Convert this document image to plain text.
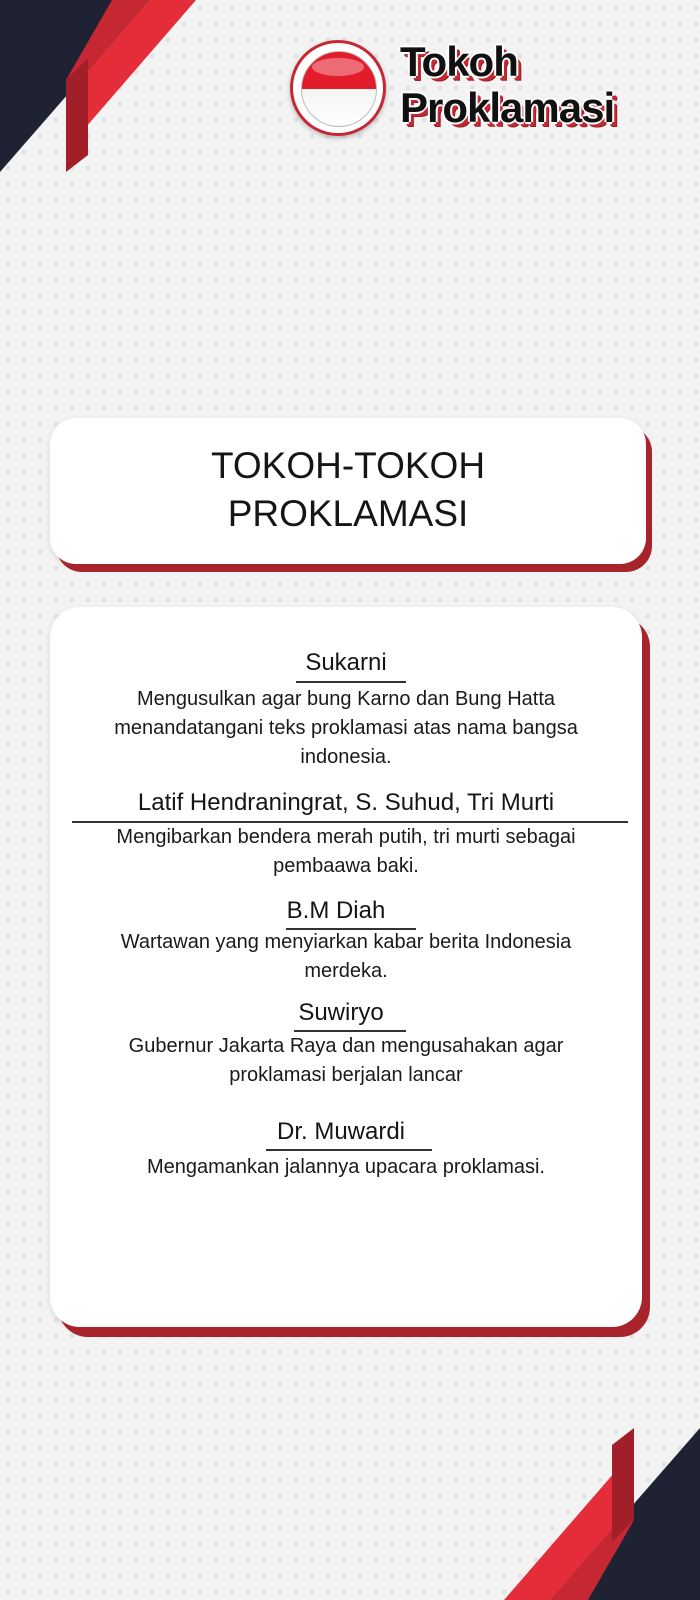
Tokoh
Proklamasi
TOKOH-TOKOH
PROKLAMASI
Sukarni
Mengusulkan agar bung Karno dan Bung Hatta menandatangani teks proklamasi atas nama bangsa indonesia.
Latif Hendraningrat, S. Suhud, Tri Murti
Mengibarkan bendera merah putih, tri murti sebagai pembaawa baki.
B.M Diah
Wartawan yang menyiarkan kabar berita Indonesia merdeka.
Suwiryo
Gubernur Jakarta Raya dan mengusahakan agar proklamasi berjalan lancar
Dr. Muwardi
Mengamankan jalannya upacara proklamasi.
